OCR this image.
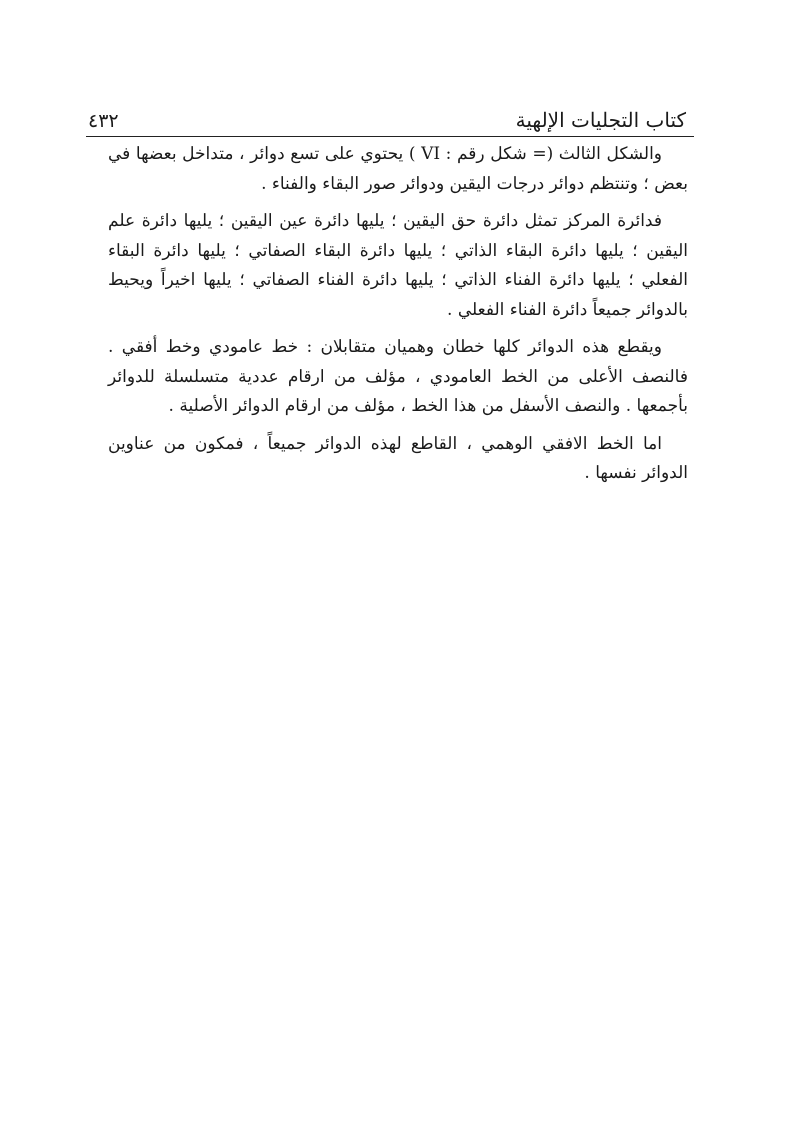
٤٣٢	كتاب التجليات الإلهية

والشكل الثالث (= شكل رقم : VI ) يحتوي على تسع دوائر ، متداخل بعضها في بعض ؛ وتنتظم دوائر درجات اليقين ودوائر صور البقاء والفناء .

فدائرة المركز تمثل دائرة حق اليقين ؛ يليها دائرة عين اليقين ؛ يليها دائرة علم اليقين ؛ يليها دائرة البقاء الذاتي ؛ يليها دائرة البقاء الصفاتي ؛ يليها دائرة البقاء الفعلي ؛ يليها دائرة الفناء الذاتي ؛ يليها دائرة الفناء الصفاتي ؛ يليها اخيراً ويحيط بالدوائر جميعاً دائرة الفناء الفعلي .

ويقطع هذه الدوائر كلها خطان وهميان متقابلان : خط عامودي وخط أفقي . فالنصف الأعلى من الخط العامودي ، مؤلف من ارقام عددية متسلسلة للدوائر بأجمعها . والنصف الأسفل من هذا الخط ، مؤلف من ارقام الدوائر الأصلية .

اما الخط الافقي الوهمي ، القاطع لهذه الدوائر جميعاً ، فمكون من عناوين الدوائر نفسها .
